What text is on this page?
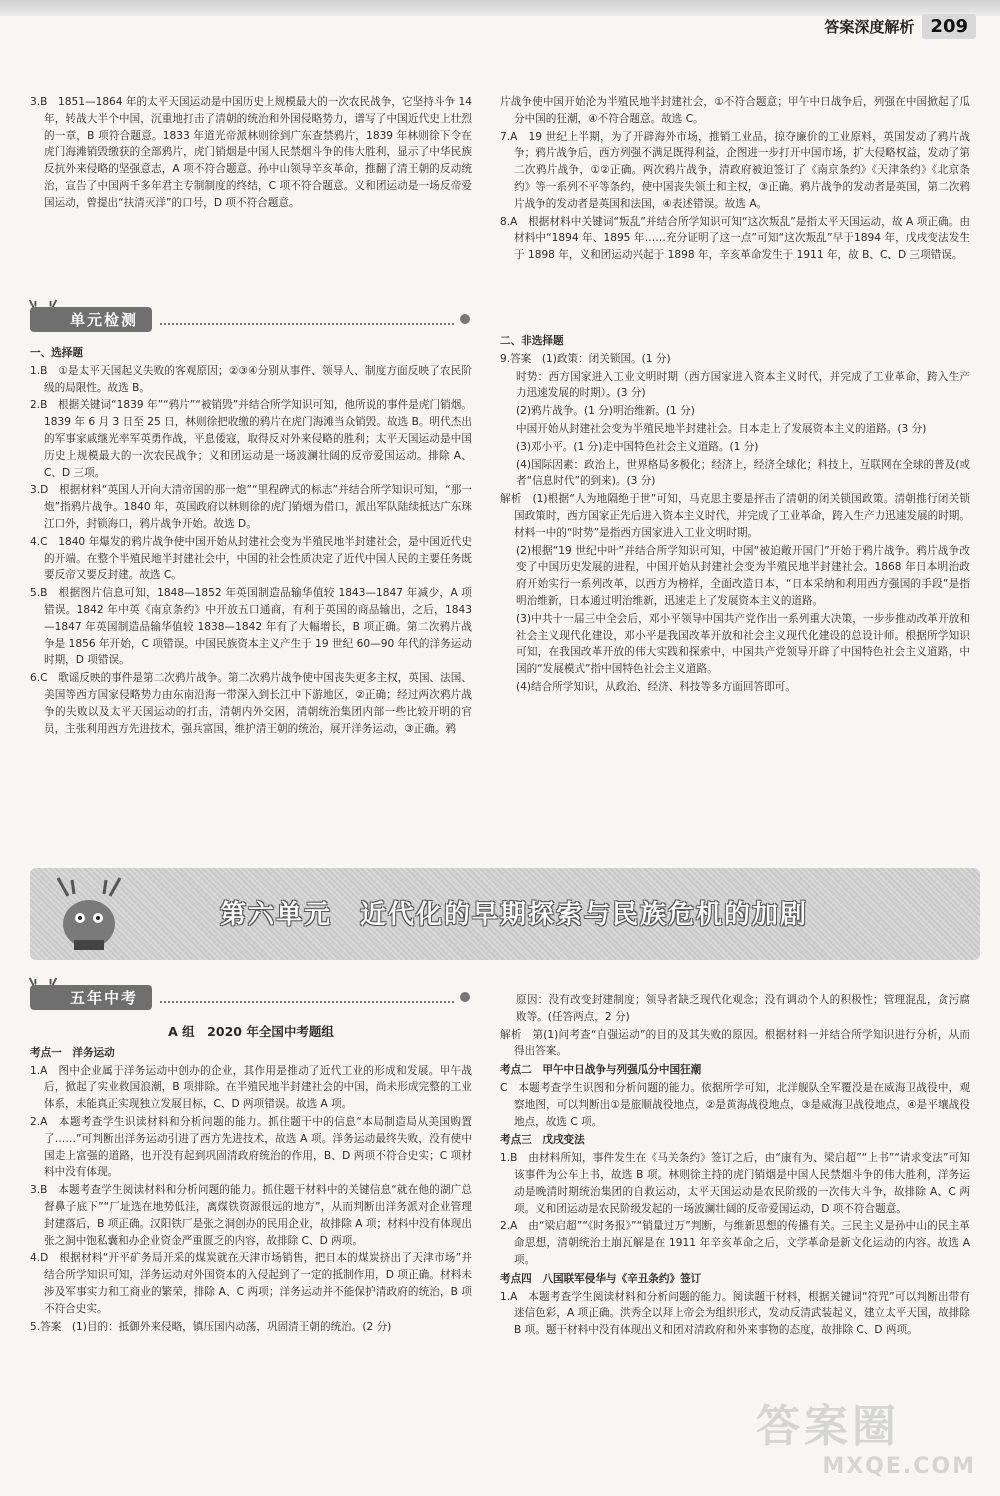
答案深度解析 209

3.B　1851—1864 年的太平天国运动是中国历史上规模最大的一次农民战争，它坚持斗争 14 年，转战大半个中国，沉重地打击了清朝的统治和外国侵略势力，谱写了中国近代史上壮烈的一章，B 项符合题意。1833 年道光帝派林则徐到广东查禁鸦片，1839 年林则徐下令在虎门海滩销毁缴获的全部鸦片，虎门销烟是中国人民禁烟斗争的伟大胜利，显示了中华民族反抗外来侵略的坚强意志，A 项不符合题意。孙中山领导辛亥革命，推翻了清王朝的反动统治，宣告了中国两千多年君主专制制度的终结，C 项不符合题意。义和团运动是一场反帝爱国运动，曾提出“扶清灭洋”的口号，D 项不符合题意。

单元检测
一、选择题

1.B　①是太平天国起义失败的客观原因；②③④分别从事件、领导人、制度方面反映了农民阶级的局限性。故选 B。

2.B　根据关键词“1839 年”“鸦片”“被销毁”并结合所学知识可知，他所说的事件是虎门销烟。1839 年 6 月 3 日至 25 日，林则徐把收缴的鸦片在虎门海滩当众销毁。故选 B。明代杰出的军事家戚继光率军英勇作战，平息倭寇，取得反对外来侵略的胜利；太平天国运动是中国历史上规模最大的一次农民战争；义和团运动是一场波澜壮阔的反帝爱国运动。排除 A、C、D 三项。

3.D　根据材料“英国人开向大清帝国的那一炮”“里程碑式的标志”并结合所学知识可知，“那一炮”指鸦片战争。1840 年，英国政府以林则徐的虎门销烟为借口，派出军队陆续抵达广东珠江口外，封锁海口，鸦片战争开始。故选 D。

4.C　1840 年爆发的鸦片战争使中国开始从封建社会变为半殖民地半封建社会，是中国近代史的开端。在整个半殖民地半封建社会中，中国的社会性质决定了近代中国人民的主要任务既要反帝又要反封建。故选 C。

5.B　根据图片信息可知，1848—1852 年英国制造品输华值较 1843—1847 年减少，A 项错误。1842 年中英《南京条约》中开放五口通商，有利于英国的商品输出，之后，1843—1847 年英国制造品输华值较 1838—1842 年有了大幅增长，B 项正确。第二次鸦片战争是 1856 年开始，C 项错误。中国民族资本主义产生于 19 世纪 60—90 年代的洋务运动时期，D 项错误。

6.C　歌谣反映的事件是第二次鸦片战争。第二次鸦片战争使中国丧失更多主权，英国、法国、美国等西方国家侵略势力由东南沿海一带深入到长江中下游地区，②正确；经过两次鸦片战争的失败以及太平天国运动的打击，清朝内外交困，清朝统治集团内部一些比较开明的官员，主张利用西方先进技术，强兵富国，维护清王朝的统治，展开洋务运动，③正确。鸦

片战争使中国开始沦为半殖民地半封建社会，①不符合题意；甲午中日战争后，列强在中国掀起了瓜分中国的狂潮，④不符合题意。故选 C。

7.A　19 世纪上半期，为了开辟海外市场，推销工业品，掠夺廉价的工业原料，英国发动了鸦片战争；鸦片战争后，西方列强不满足既得利益，企图进一步打开中国市场，扩大侵略权益，发动了第二次鸦片战争，①②正确。两次鸦片战争，清政府被迫签订了《南京条约》《天津条约》《北京条约》等一系列不平等条约，使中国丧失领土和主权，③正确。鸦片战争的发动者是英国，第二次鸦片战争的发动者是英国和法国，④表述错误。故选 A。

8.A　根据材料中关键词“叛乱”并结合所学知识可知“这次叛乱”是指太平天国运动，故 A 项正确。由材料中“1894 年、1895 年……充分证明了这一点”可知“这次叛乱”早于1894 年，戊戌变法发生于 1898 年，义和团运动兴起于 1898 年，辛亥革命发生于 1911 年，故 B、C、D 三项错误。

二、非选择题

9.答案　(1)政策：闭关锁国。(1 分)

时势：西方国家进入工业文明时期（西方国家进入资本主义时代，并完成了工业革命，跨入生产力迅速发展的时期）。(3 分)

(2)鸦片战争。(1 分)明治维新。(1 分)

中国开始从封建社会变为半殖民地半封建社会。日本走上了发展资本主义的道路。(3 分)

(3)邓小平。(1 分)走中国特色社会主义道路。(1 分)

(4)国际因素：政治上，世界格局多极化；经济上，经济全球化；科技上，互联网在全球的普及(或者“信息时代”的到来)。(3 分)

解析　(1)根据“人为地隔绝于世”可知，马克思主要是抨击了清朝的闭关锁国政策。清朝推行闭关锁国政策时，西方国家正先后进入资本主义时代，并完成了工业革命，跨入生产力迅速发展的时期。材料一中的“时势”是指西方国家进入工业文明时期。

(2)根据“19 世纪中叶”并结合所学知识可知，中国“被迫敞开国门”开始于鸦片战争。鸦片战争改变了中国历史发展的进程，中国开始从封建社会变为半殖民地半封建社会。1868 年日本明治政府开始实行一系列改革，以西方为榜样，全面改造日本，“日本采纳和利用西方强国的手段”是指明治维新，日本通过明治维新，迅速走上了发展资本主义的道路。

(3)中共十一届三中全会后，邓小平领导中国共产党作出一系列重大决策，一步步推动改革开放和社会主义现代化建设，邓小平是我国改革开放和社会主义现代化建设的总设计师。根据所学知识可知，在我国改革开放的伟大实践和探索中，中国共产党领导开辟了中国特色社会主义道路，中国的“发展模式”指中国特色社会主义道路。

(4)结合所学知识，从政治、经济、科技等多方面回答即可。

第六单元　近代化的早期探索与民族危机的加剧
五年中考
A 组　2020 年全国中考题组

考点一　洋务运动

1.A　图中企业属于洋务运动中创办的企业，其作用是推动了近代工业的形成和发展。甲午战后，掀起了实业救国浪潮，B 项排除。在半殖民地半封建社会的中国，尚未形成完整的工业体系，未能真正实现独立发展目标，C、D 两项错误。故选 A 项。

2.A　本题考查学生识读材料和分析问题的能力。抓住题干中的信息“本局制造局从美国购置了……”可判断出洋务运动引进了西方先进技术，故选 A 项。洋务运动最终失败，没有使中国走上富强的道路，也开没有起到巩固清政府统治的作用，B、D 两项不符合史实；C 项材料中没有体现。

3.B　本题考查学生阅读材料和分析问题的能力。抓住题干材料中的关键信息“就在他的湖广总督鼻子底下”“厂址选在地势低洼，离煤铁资源很远的地方”，从而判断出洋务派对企业管理封建落后，B 项正确。汉阳铁厂是张之洞创办的民用企业，故排除 A 项；材料中没有体现出张之洞中饱私囊和办企业资金严重匮乏的内容，故排除 C、D 两项。

4.D　根据材料“开平矿务局开采的煤炭就在天津市场销售，把日本的煤炭挤出了天津市场”并结合所学知识可知，洋务运动对外国资本的入侵起到了一定的抵制作用，D 项正确。材料未涉及军事实力和工商业的繁荣，排除 A、C 两项；洋务运动并不能保护清政府的统治，B 项不符合史实。

5.答案　(1)目的：抵御外来侵略，镇压国内动荡，巩固清王朝的统治。(2 分)

原因：没有改变封建制度；领导者缺乏现代化观念；没有调动个人的积极性；管理混乱，贪污腐败等。(任答两点，2 分)

解析　第(1)问考查“自强运动”的目的及其失败的原因。根据材料一并结合所学知识进行分析，从而得出答案。

考点二　甲午中日战争与列强瓜分中国狂潮

C　本题考查学生识图和分析问题的能力。依据所学可知，北洋舰队全军覆没是在威海卫战役中，观察地图，可以判断出①是旅顺战役地点，②是黄海战役地点，③是威海卫战役地点，④是平壤战役地点，故选 C 项。

考点三　戊戌变法

1.B　由材料所知，事件发生在《马关条约》签订之后，由“康有为、梁启超”“上书”“请求变法”可知该事件为公车上书，故选 B 项。林则徐主持的虎门销烟是中国人民禁烟斗争的伟大胜利，洋务运动是晚清时期统治集团的自救运动，太平天国运动是农民阶级的一次伟大斗争，故排除 A、C 两项。义和团运动是农民阶级发起的一场波澜壮阔的反帝爱国运动，D 项不符合题意。

2.A　由“梁启超”“《时务报》”“销量过万”判断，与维新思想的传播有关。三民主义是孙中山的民主革命思想，清朝统治土崩瓦解是在 1911 年辛亥革命之后，文学革命是新文化运动的内容。故选 A 项。

考点四　八国联军侵华与《辛丑条约》签订

1.A　本题考查学生阅读材料和分析问题的能力。阅读题干材料，根据关键词“符咒”可以判断出带有迷信色彩，A 项正确。洪秀全以拜上帝会为组织形式，发动反清武装起义，建立太平天国，故排除 B 项。题干材料中没有体现出义和团对清政府和外来事物的态度，故排除 C、D 两项。

答案圈
MXQE.COM
